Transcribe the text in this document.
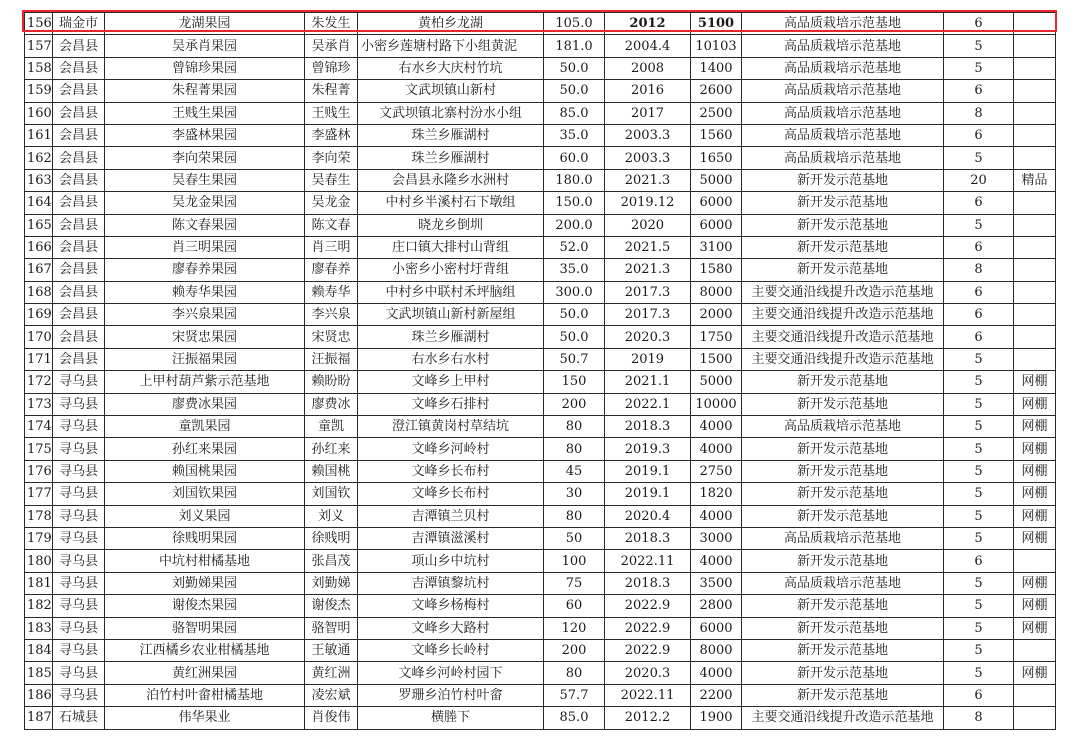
156	瑞金市	龙湖果园	朱发生	黄柏乡龙湖	105.0	2012	5100	高品质栽培示范基地	6	
157	会昌县	吴承肖果园	吴承肖	小密乡莲塘村路下小组黄泥	181.0	2004.4	10103	高品质栽培示范基地	5	
158	会昌县	曾锦珍果园	曾锦珍	右水乡大庆村竹坑	50.0	2008	1400	高品质栽培示范基地	5	
159	会昌县	朱程菁果园	朱程菁	文武坝镇山新村	50.0	2016	2600	高品质栽培示范基地	6	
160	会昌县	王贱生果园	王贱生	文武坝镇北寨村汾水小组	85.0	2017	2500	高品质栽培示范基地	8	
161	会昌县	李盛林果园	李盛林	珠兰乡雁湖村	35.0	2003.3	1560	高品质栽培示范基地	6	
162	会昌县	李向荣果园	李向荣	珠兰乡雁湖村	60.0	2003.3	1650	高品质栽培示范基地	5	
163	会昌县	吴春生果园	吴春生	会昌县永隆乡水洲村	180.0	2021.3	5000	新开发示范基地	20	精品
164	会昌县	吴龙金果园	吴龙金	中村乡半溪村石下墩组	150.0	2019.12	6000	新开发示范基地	6	
165	会昌县	陈文春果园	陈文春	晓龙乡倒圳	200.0	2020	6000	新开发示范基地	5	
166	会昌县	肖三明果园	肖三明	庄口镇大排村山背组	52.0	2021.5	3100	新开发示范基地	6	
167	会昌县	廖春养果园	廖春养	小密乡小密村圩背组	35.0	2021.3	1580	新开发示范基地	8	
168	会昌县	赖寿华果园	赖寿华	中村乡中联村禾坪脑组	300.0	2017.3	8000	主要交通沿线提升改造示范基地	6	
169	会昌县	李兴泉果园	李兴泉	文武坝镇山新村新屋组	50.0	2017.3	2000	主要交通沿线提升改造示范基地	6	
170	会昌县	宋贤忠果园	宋贤忠	珠兰乡雁湖村	50.0	2020.3	1750	主要交通沿线提升改造示范基地	6	
171	会昌县	汪振福果园	汪振福	右水乡右水村	50.7	2019	1500	主要交通沿线提升改造示范基地	5	
172	寻乌县	上甲村葫芦紫示范基地	赖盼盼	文峰乡上甲村	150	2021.1	5000	新开发示范基地	5	网棚
173	寻乌县	廖费冰果园	廖费冰	文峰乡石排村	200	2022.1	10000	新开发示范基地	5	网棚
174	寻乌县	童凯果园	童凯	澄江镇黄岗村草结坑	80	2018.3	4000	高品质栽培示范基地	5	网棚
175	寻乌县	孙红来果园	孙红来	文峰乡河岭村	80	2019.3	4000	新开发示范基地	5	网棚
176	寻乌县	赖国桃果园	赖国桃	文峰乡长布村	45	2019.1	2750	新开发示范基地	5	网棚
177	寻乌县	刘国钦果园	刘国钦	文峰乡长布村	30	2019.1	1820	新开发示范基地	5	网棚
178	寻乌县	刘义果园	刘义	吉潭镇兰贝村	80	2020.4	4000	新开发示范基地	5	网棚
179	寻乌县	徐贱明果园	徐贱明	吉潭镇滋溪村	50	2018.3	3000	高品质栽培示范基地	5	网棚
180	寻乌县	中坑村柑橘基地	张昌茂	项山乡中坑村	100	2022.11	4000	新开发示范基地	6	
181	寻乌县	刘勤娣果园	刘勤娣	吉潭镇黎坑村	75	2018.3	3500	高品质栽培示范基地	5	网棚
182	寻乌县	谢俊杰果园	谢俊杰	文峰乡杨梅村	60	2022.9	2800	新开发示范基地	5	网棚
183	寻乌县	骆智明果园	骆智明	文峰乡大路村	120	2022.9	6000	新开发示范基地	5	网棚
184	寻乌县	江西橘乡农业柑橘基地	王敏通	文峰乡长岭村	200	2022.9	8000	新开发示范基地	5	
185	寻乌县	黄红洲果园	黄红洲	文峰乡河岭村园下	80	2020.3	4000	新开发示范基地	5	网棚
186	寻乌县	泊竹村叶畲柑橘基地	凌宏斌	罗珊乡泊竹村叶畲	57.7	2022.11	2200	新开发示范基地	6	
187	石城县	伟华果业	肖俊伟	横塍下	85.0	2012.2	1900	主要交通沿线提升改造示范基地	8	
